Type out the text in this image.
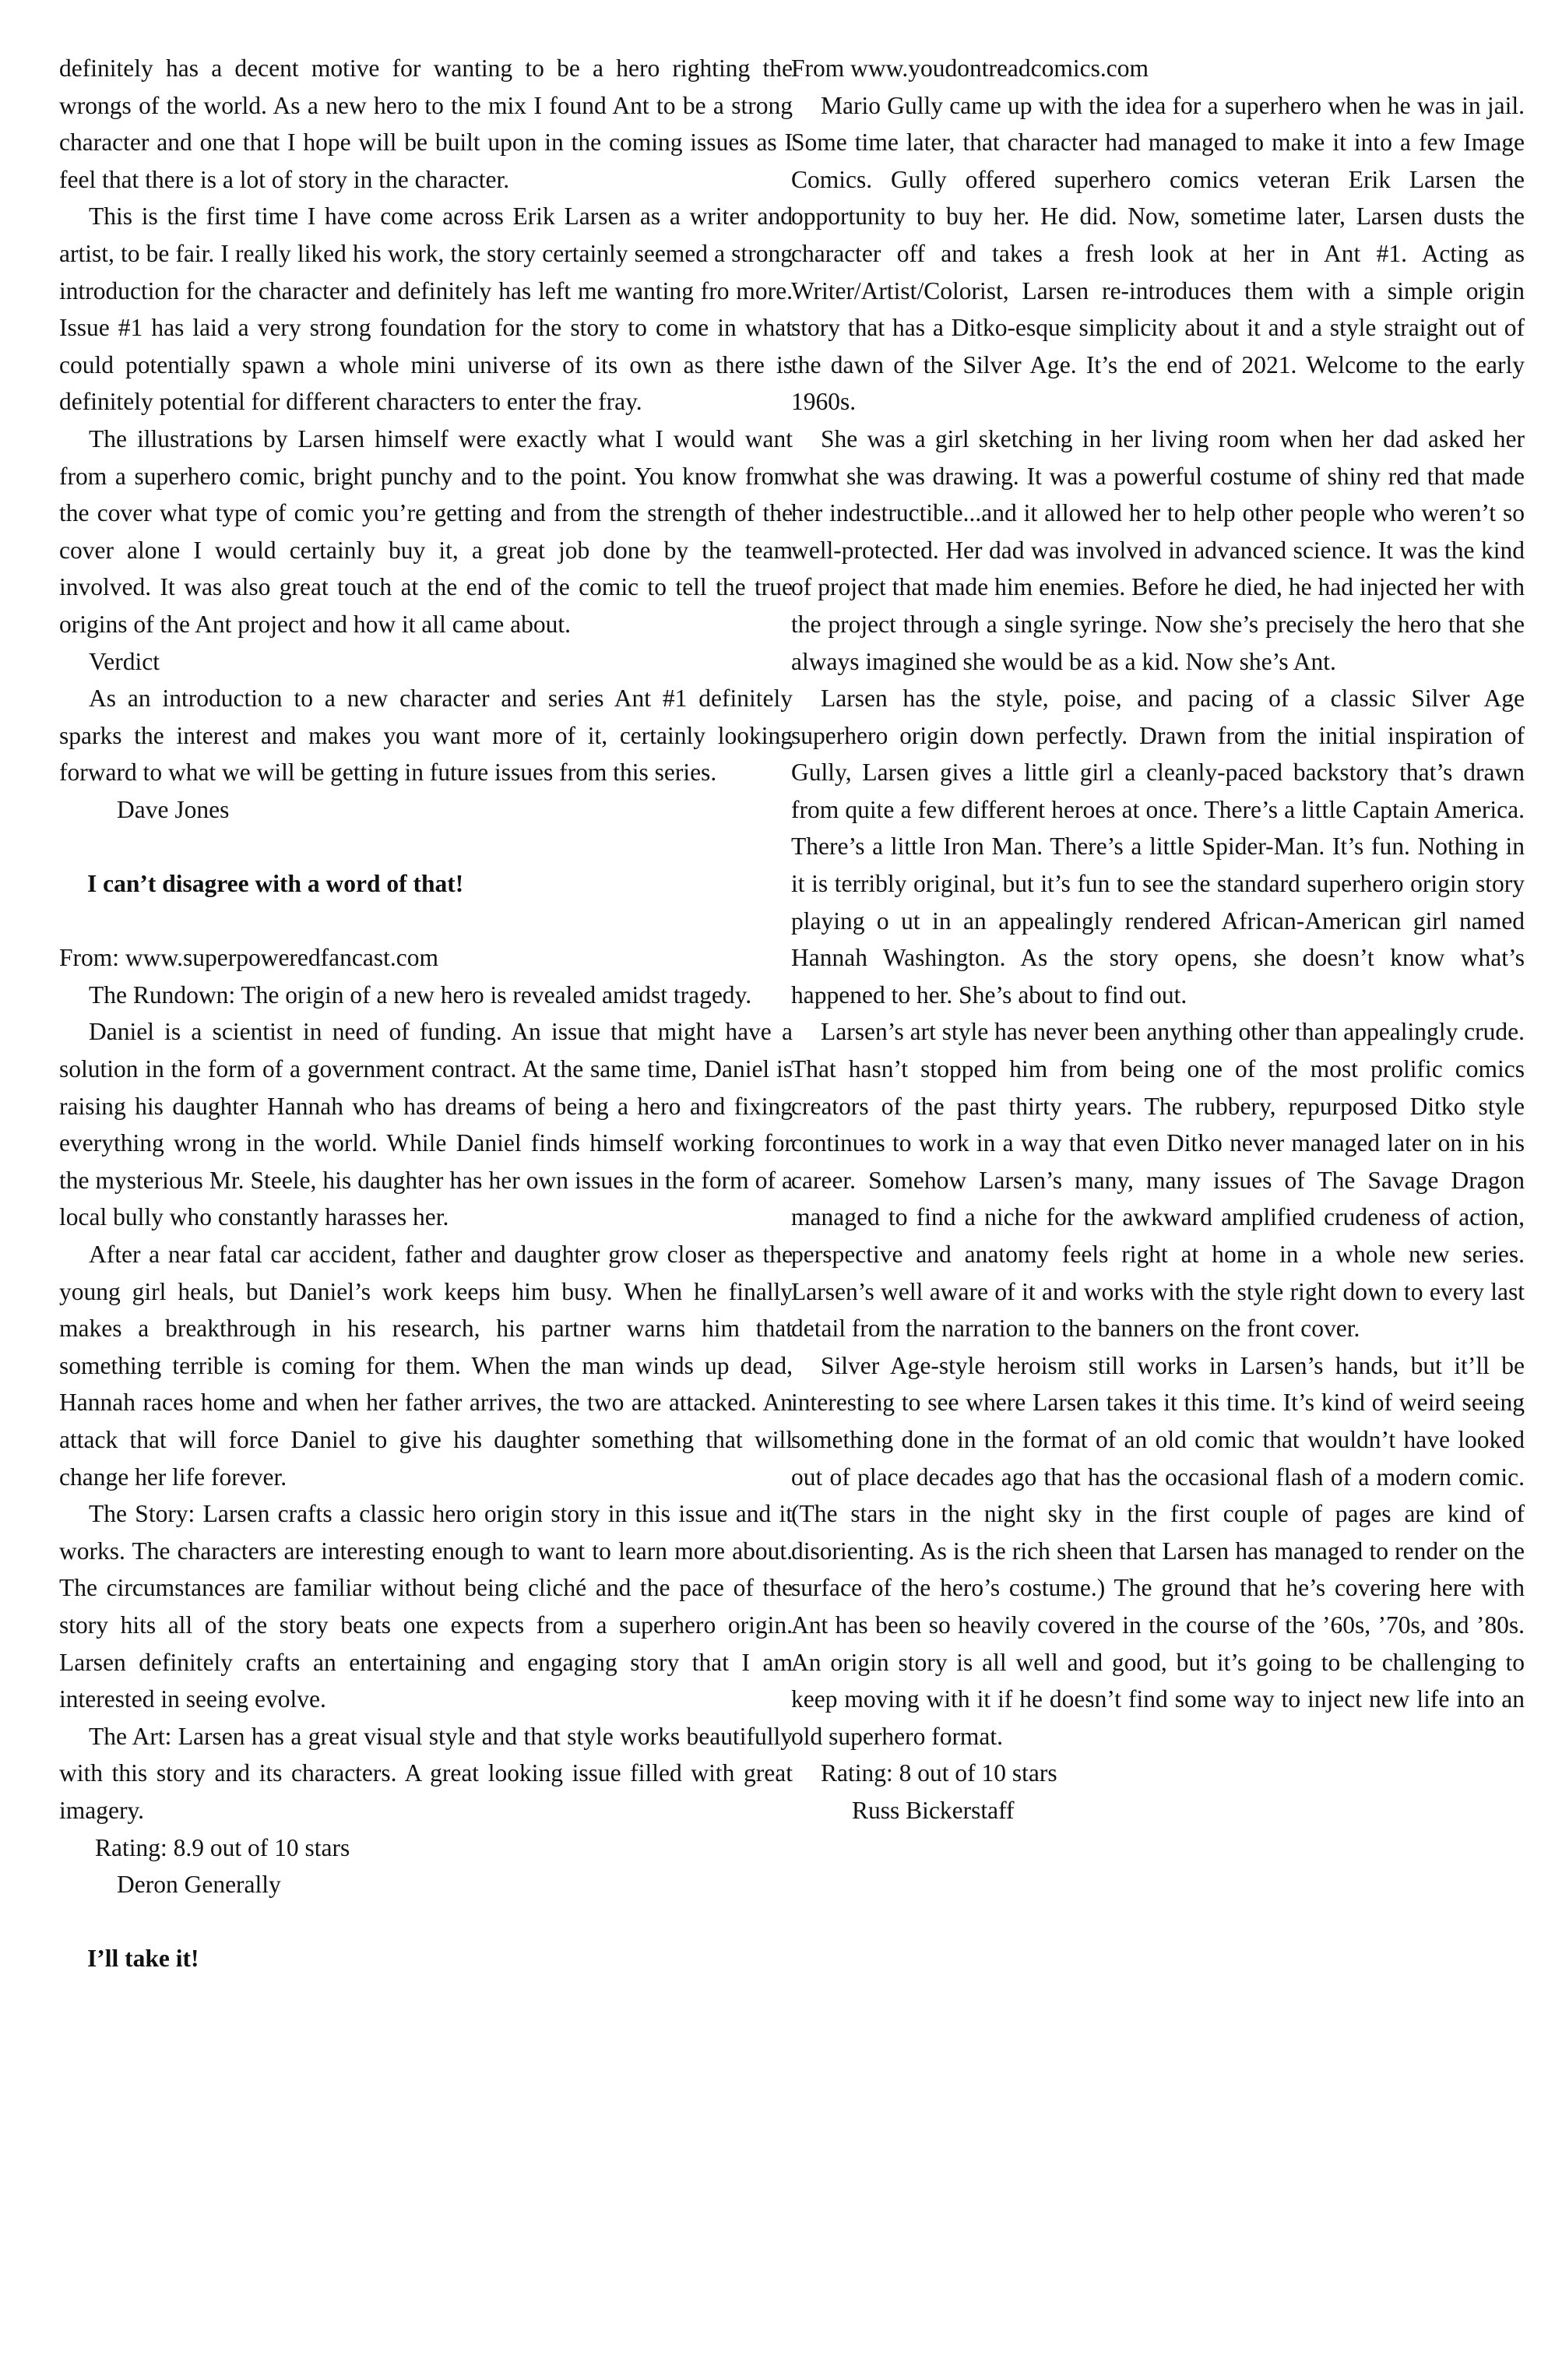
definitely has a decent motive for wanting to be a hero righting the wrongs of the world. As a new hero to the mix I found Ant to be a strong character and one that I hope will be built upon in the coming issues as I feel that there is a lot of story in the character.

This is the first time I have come across Erik Larsen as a writer and artist, to be fair. I really liked his work, the story certainly seemed a strong introduction for the character and definitely has left me wanting fro more. Issue #1 has laid a very strong foundation for the story to come in what could potentially spawn a whole mini universe of its own as there is definitely potential for different characters to enter the fray.

The illustrations by Larsen himself were exactly what I would want from a superhero comic, bright punchy and to the point. You know from the cover what type of comic you’re getting and from the strength of the cover alone I would certainly buy it, a great job done by the team involved. It was also great touch at the end of the comic to tell the true origins of the Ant project and how it all came about.

Verdict

As an introduction to a new character and series Ant #1 definitely sparks the interest and makes you want more of it, certainly looking forward to what we will be getting in future issues from this series.

Dave Jones

I can’t disagree with a word of that!

From: www.superpoweredfancast.com

The Rundown: The origin of a new hero is revealed amidst tragedy.

Daniel is a scientist in need of funding. An issue that might have a solution in the form of a government contract. At the same time, Daniel is raising his daughter Hannah who has dreams of being a hero and fixing everything wrong in the world. While Daniel finds himself working for the mysterious Mr. Steele, his daughter has her own issues in the form of a local bully who constantly harasses her.

After a near fatal car accident, father and daughter grow closer as the young girl heals, but Daniel’s work keeps him busy. When he finally makes a breakthrough in his research, his partner warns him that something terrible is coming for them. When the man winds up dead, Hannah races home and when her father arrives, the two are attacked. An attack that will force Daniel to give his daughter something that will change her life forever.

The Story: Larsen crafts a classic hero origin story in this issue and it works. The characters are interesting enough to want to learn more about. The circumstances are familiar without being cliché and the pace of the story hits all of the story beats one expects from a superhero origin. Larsen definitely crafts an entertaining and engaging story that I am interested in seeing evolve.

The Art: Larsen has a great visual style and that style works beautifully with this story and its characters. A great looking issue filled with great imagery.

Rating: 8.9 out of 10 stars

Deron Generally

I’ll take it!

From www.youdontreadcomics.com

Mario Gully came up with the idea for a superhero when he was in jail. Some time later, that character had managed to make it into a few Image Comics. Gully offered superhero comics veteran Erik Larsen the opportunity to buy her. He did. Now, sometime later, Larsen dusts the character off and takes a fresh look at her in Ant #1. Acting as Writer/Artist/Colorist, Larsen re-introduces them with a simple origin story that has a Ditko-esque simplicity about it and a style straight out of the dawn of the Silver Age. It’s the end of 2021. Welcome to the early 1960s.

She was a girl sketching in her living room when her dad asked her what she was drawing. It was a powerful costume of shiny red that made her indestructible...and it allowed her to help other people who weren’t so well-protected. Her dad was involved in advanced science. It was the kind of project that made him enemies. Before he died, he had injected her with the project through a single syringe. Now she’s precisely the hero that she always imagined she would be as a kid. Now she’s Ant.

Larsen has the style, poise, and pacing of a classic Silver Age superhero origin down perfectly. Drawn from the initial inspiration of Gully, Larsen gives a little girl a cleanly-paced backstory that’s drawn from quite a few different heroes at once. There’s a little Captain America. There’s a little Iron Man. There’s a little Spider-Man. It’s fun. Nothing in it is terribly original, but it’s fun to see the standard superhero origin story playing o ut in an appealingly rendered African-American girl named Hannah Washington. As the story opens, she doesn’t know what’s happened to her. She’s about to find out.

Larsen’s art style has never been anything other than appealingly crude. That hasn’t stopped him from being one of the most prolific comics creators of the past thirty years. The rubbery, repurposed Ditko style continues to work in a way that even Ditko never managed later on in his career. Somehow Larsen’s many, many issues of The Savage Dragon managed to find a niche for the awkward amplified crudeness of action, perspective and anatomy feels right at home in a whole new series. Larsen’s well aware of it and works with the style right down to every last detail from the narration to the banners on the front cover.

Silver Age-style heroism still works in Larsen’s hands, but it’ll be interesting to see where Larsen takes it this time. It’s kind of weird seeing something done in the format of an old comic that wouldn’t have looked out of place decades ago that has the occasional flash of a modern comic. (The stars in the night sky in the first couple of pages are kind of disorienting. As is the rich sheen that Larsen has managed to render on the surface of the hero’s costume.) The ground that he’s covering here with Ant has been so heavily covered in the course of the ’60s, ’70s, and ’80s. An origin story is all well and good, but it’s going to be challenging to keep moving with it if he doesn’t find some way to inject new life into an old superhero format.

Rating: 8 out of 10 stars

Russ Bickerstaff
